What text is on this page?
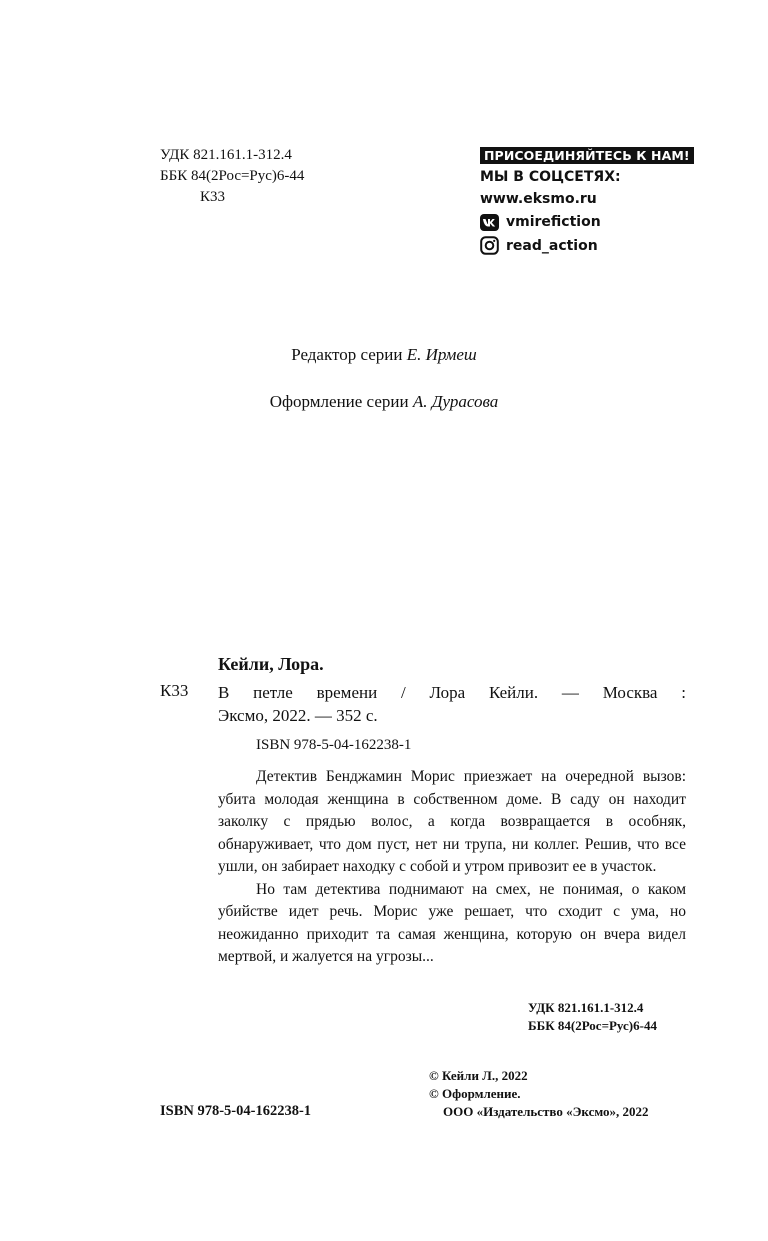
УДК 821.161.1-312.4
ББК 84(2Рос=Рус)6-44
К33
ПРИСОЕДИНЯЙТЕСЬ К НАМ!
МЫ В СОЦСЕТЯХ:
www.eksmo.ru
vmirefiction
read_action
Редактор серии Е. Ирмеш
Оформление серии А. Дурасова
Кейли, Лора.
К33 В петле времени / Лора Кейли. — Москва :
Эксмо, 2022. — 352 с.
ISBN 978-5-04-162238-1

Детектив Бенджамин Морис приезжает на очередной вызов: убита молодая женщина в собственном доме. В саду он находит заколку с прядью волос, а когда возвращается в особняк, обнаруживает, что дом пуст, нет ни трупа, ни коллег. Решив, что все ушли, он забирает находку с собой и утром привозит ее в участок.

Но там детектива поднимают на смех, не понимая, о каком убийстве идет речь. Морис уже решает, что сходит с ума, но неожиданно приходит та самая женщина, которую он вчера видел мертвой, и жалуется на угрозы...

УДК 821.161.1-312.4
ББК 84(2Рос=Рус)6-44
© Кейли Л., 2022
© Оформление.
ООО «Издательство «Эксмо», 2022
ISBN 978-5-04-162238-1
